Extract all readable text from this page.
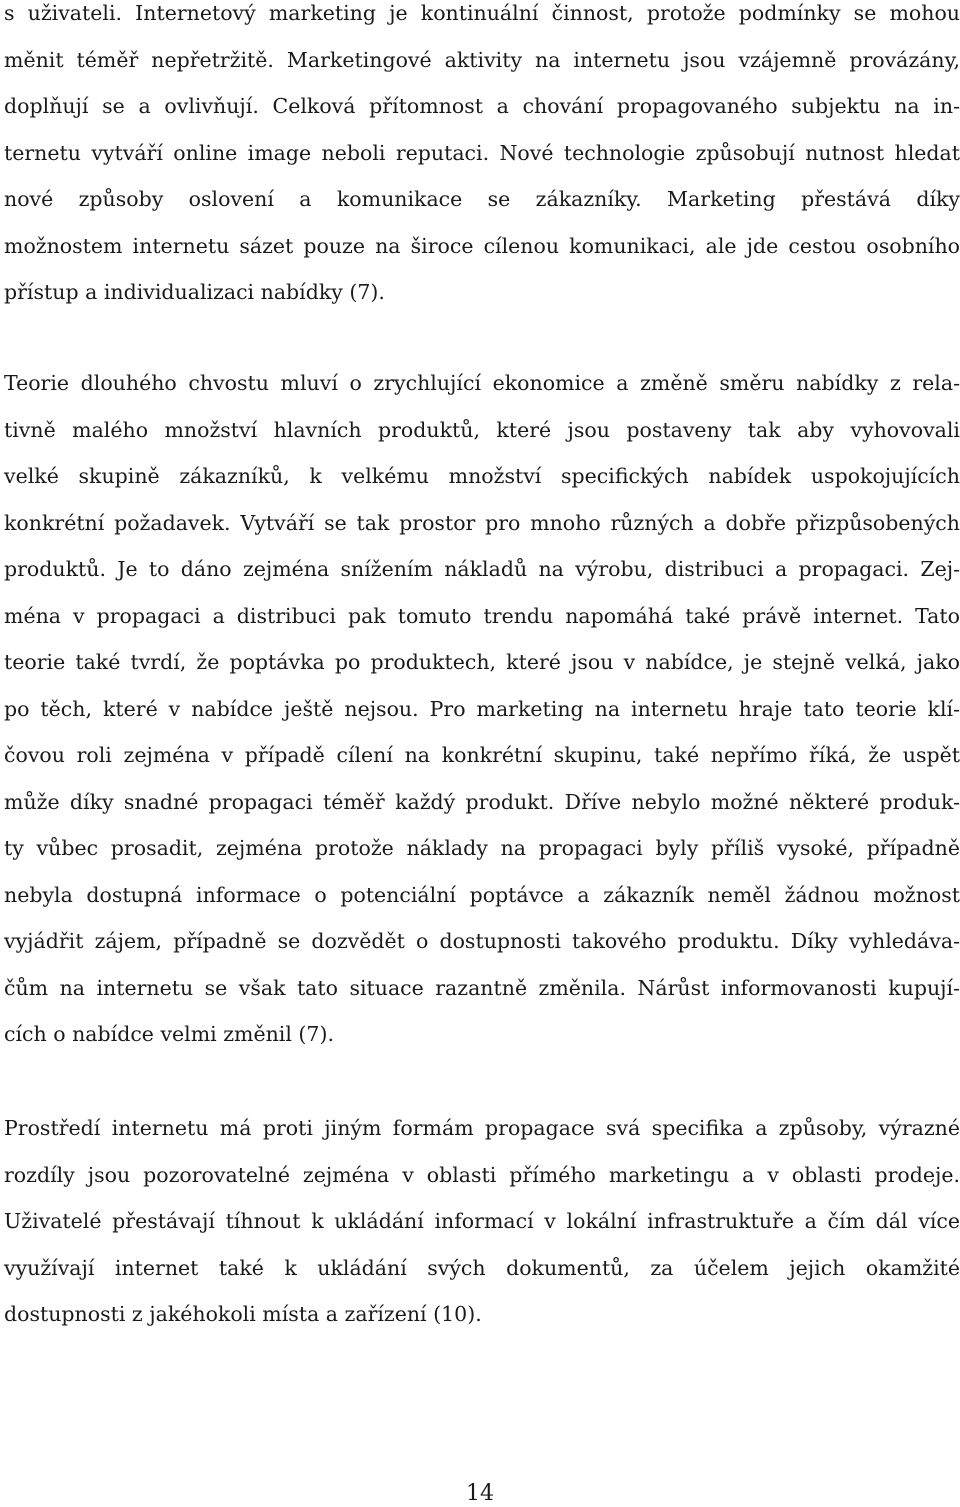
s uživateli. Internetový marketing je kontinuální činnost, protože podmínky se mohou
měnit téměř nepřetržitě. Marketingové aktivity na internetu jsou vzájemně provázány,
doplňují se a ovlivňují. Celková přítomnost a chování propagovaného subjektu na in-
ternetu vytváří online image neboli reputaci. Nové technologie způsobují nutnost hledat
nové způsoby oslovení a komunikace se zákazníky. Marketing přestává díky
možnostem internetu sázet pouze na široce cílenou komunikaci, ale jde cestou osobního
přístup a individualizaci nabídky (7).
Teorie dlouhého chvostu mluví o zrychlující ekonomice a změně směru nabídky z rela-
tivně malého množství hlavních produktů, které jsou postaveny tak aby vyhovovali
velké skupině zákazníků, k velkému množství specifických nabídek uspokojujících
konkrétní požadavek. Vytváří se tak prostor pro mnoho různých a dobře přizpůsobených
produktů. Je to dáno zejména snížením nákladů na výrobu, distribuci a propagaci. Zej-
ména v propagaci a distribuci pak tomuto trendu napomáhá také právě internet. Tato
teorie také tvrdí, že poptávka po produktech, které jsou v nabídce, je stejně velká, jako
po těch, které v nabídce ještě nejsou. Pro marketing na internetu hraje tato teorie klí-
čovou roli zejména v případě cílení na konkrétní skupinu, také nepřímo říká, že uspět
může díky snadné propagaci téměř každý produkt. Dříve nebylo možné některé produk-
ty vůbec prosadit, zejména protože náklady na propagaci byly příliš vysoké, případně
nebyla dostupná informace o potenciální poptávce a zákazník neměl žádnou možnost
vyjádřit zájem, případně se dozvědět o dostupnosti takového produktu. Díky vyhledáva-
čům na internetu se však tato situace razantně změnila. Nárůst informovanosti kupují-
cích o nabídce velmi změnil (7).
Prostředí internetu má proti jiným formám propagace svá specifika a způsoby, výrazné
rozdíly jsou pozorovatelné zejména v oblasti přímého marketingu a v oblasti prodeje.
Uživatelé přestávají tíhnout k ukládání informací v lokální infrastruktuře a čím dál více
využívají internet také k ukládání svých dokumentů, za účelem jejich okamžité
dostupnosti z jakéhokoli místa a zařízení (10).
14
